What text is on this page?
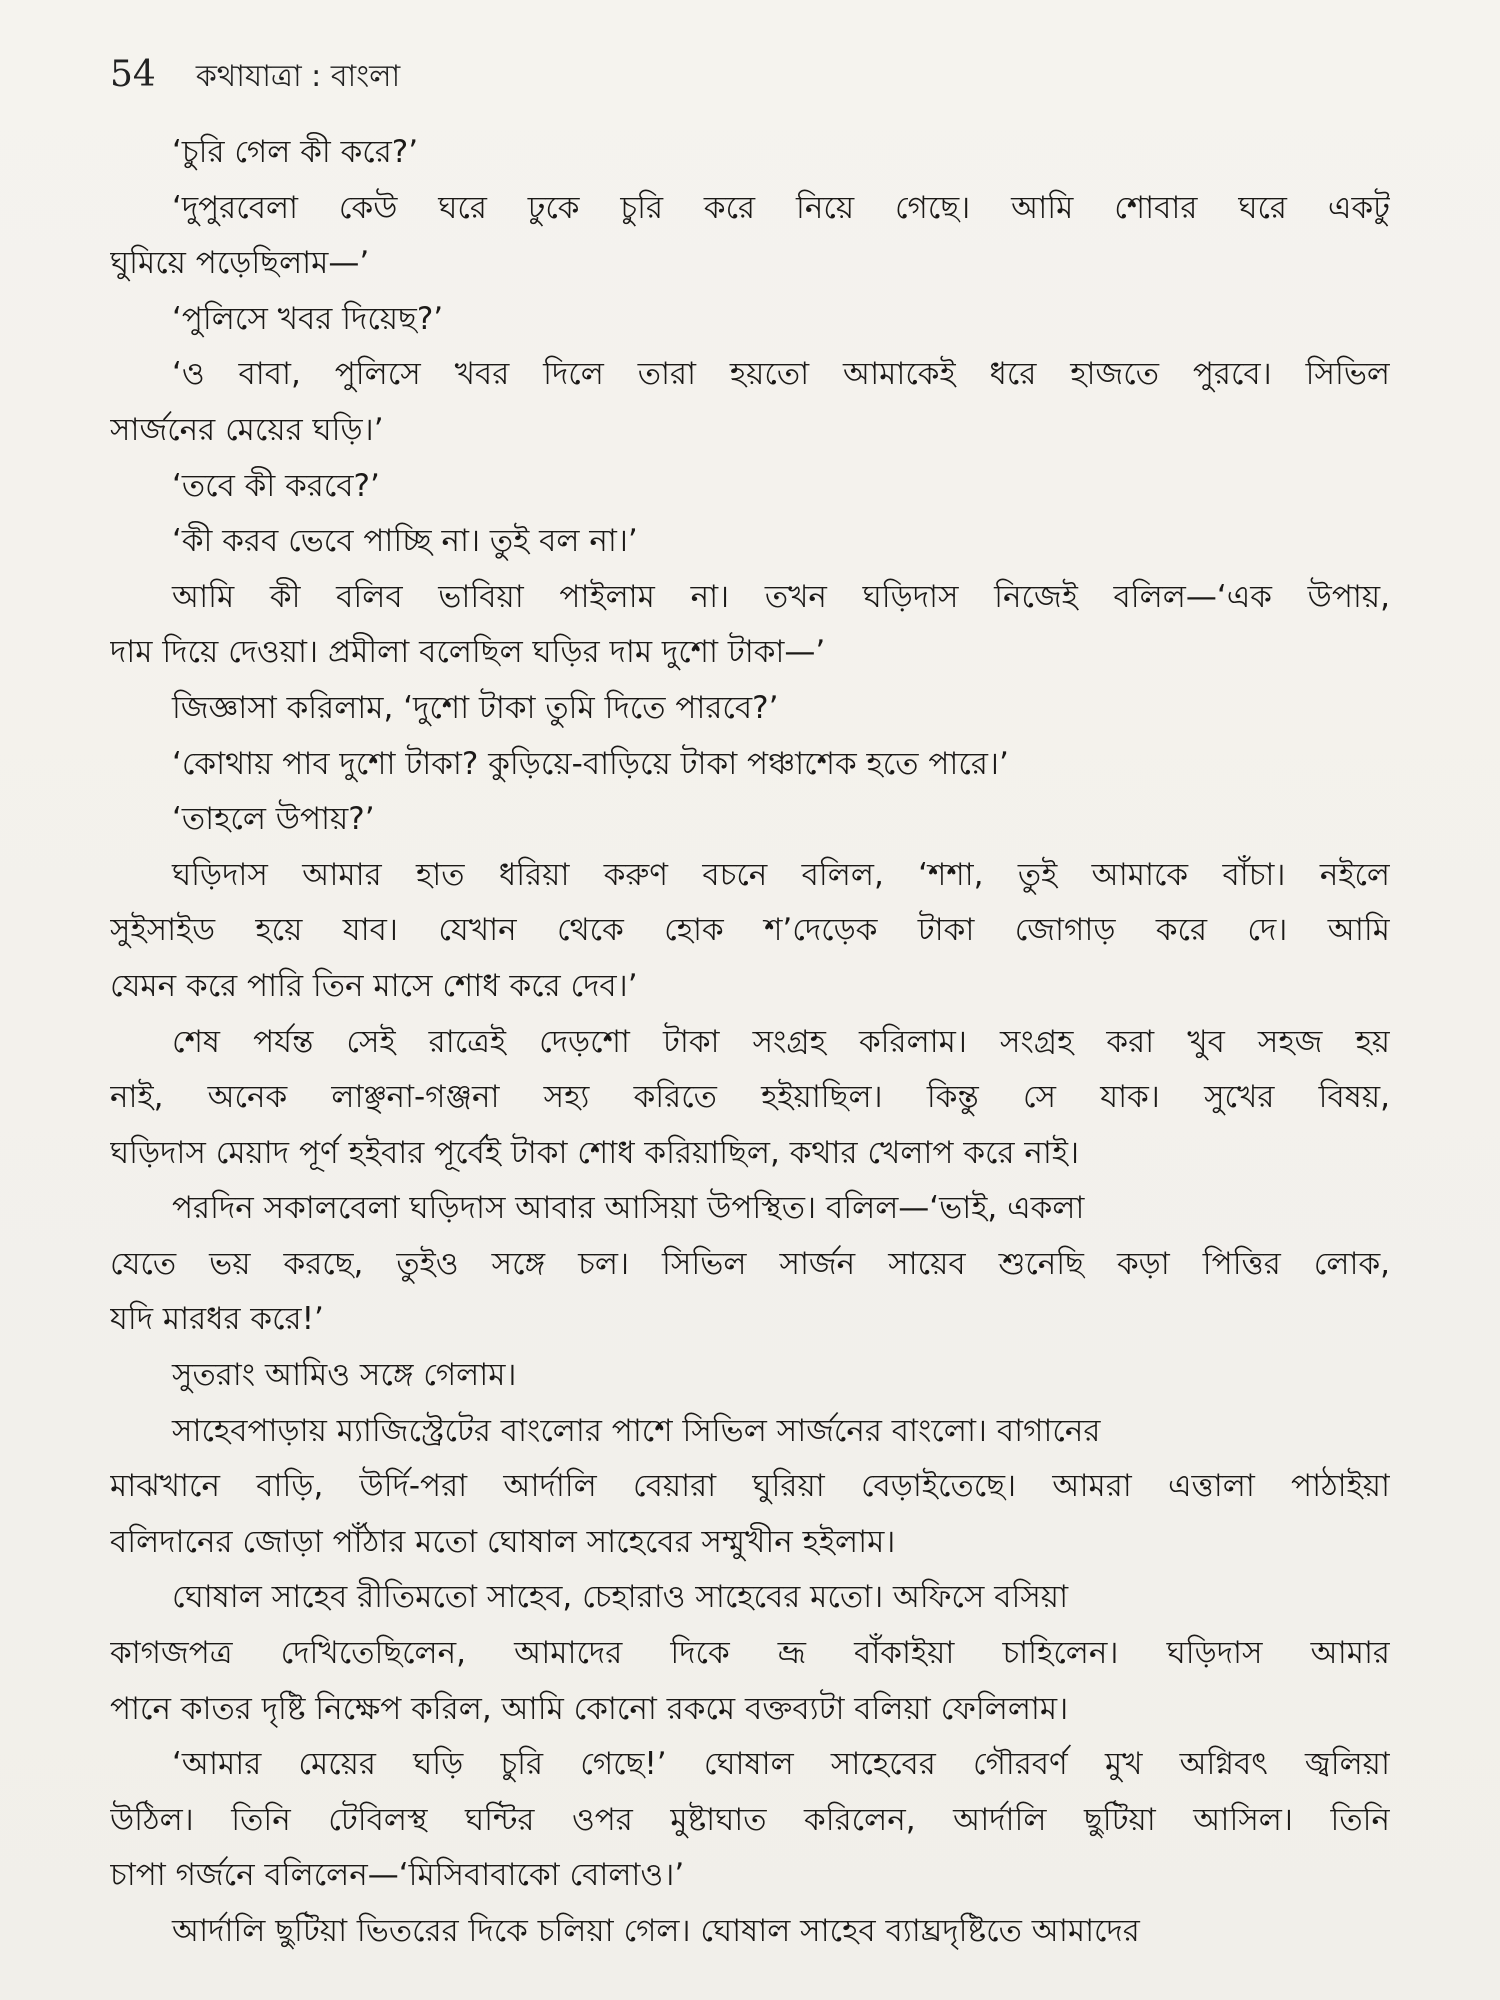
54 কথাযাত্রা : বাংলা
‘চুরি গেল কী করে?’
‘দুপুরবেলা কেউ ঘরে ঢুকে চুরি করে নিয়ে গেছে। আমি শোবার ঘরে একটু
ঘুমিয়ে পড়েছিলাম—’
‘পুলিসে খবর দিয়েছ?’
‘ও বাবা, পুলিসে খবর দিলে তারা হয়তো আমাকেই ধরে হাজতে পুরবে। সিভিল
সার্জনের মেয়ের ঘড়ি।’
‘তবে কী করবে?’
‘কী করব ভেবে পাচ্ছি না। তুই বল না।’
আমি কী বলিব ভাবিয়া পাইলাম না। তখন ঘড়িদাস নিজেই বলিল—‘এক উপায়,
দাম দিয়ে দেওয়া। প্রমীলা বলেছিল ঘড়ির দাম দুশো টাকা—’
জিজ্ঞাসা করিলাম, ‘দুশো টাকা তুমি দিতে পারবে?’
‘কোথায় পাব দুশো টাকা? কুড়িয়ে-বাড়িয়ে টাকা পঞ্চাশেক হতে পারে।’
‘তাহলে উপায়?’
ঘড়িদাস আমার হাত ধরিয়া করুণ বচনে বলিল, ‘শশা, তুই আমাকে বাঁচা। নইলে
সুইসাইড হয়ে যাব। যেখান থেকে হোক শ’দেড়েক টাকা জোগাড় করে দে। আমি
যেমন করে পারি তিন মাসে শোধ করে দেব।’
শেষ পর্যন্ত সেই রাত্রেই দেড়শো টাকা সংগ্রহ করিলাম। সংগ্রহ করা খুব সহজ হয়
নাই, অনেক লাঞ্ছনা-গঞ্জনা সহ্য করিতে হইয়াছিল। কিন্তু সে যাক। সুখের বিষয়,
ঘড়িদাস মেয়াদ পূর্ণ হইবার পূর্বেই টাকা শোধ করিয়াছিল, কথার খেলাপ করে নাই।
পরদিন সকালবেলা ঘড়িদাস আবার আসিয়া উপস্থিত। বলিল—‘ভাই, একলা
যেতে ভয় করছে, তুইও সঙ্গে চল। সিভিল সার্জন সায়েব শুনেছি কড়া পিত্তির লোক,
যদি মারধর করে!’
সুতরাং আমিও সঙ্গে গেলাম।
সাহেবপাড়ায় ম্যাজিস্ট্রেটের বাংলোর পাশে সিভিল সার্জনের বাংলো। বাগানের
মাঝখানে বাড়ি, উর্দি-পরা আর্দালি বেয়ারা ঘুরিয়া বেড়াইতেছে। আমরা এত্তালা পাঠাইয়া
বলিদানের জোড়া পাঁঠার মতো ঘোষাল সাহেবের সম্মুখীন হইলাম।
ঘোষাল সাহেব রীতিমতো সাহেব, চেহারাও সাহেবের মতো। অফিসে বসিয়া
কাগজপত্র দেখিতেছিলেন, আমাদের দিকে ভ্রূ বাঁকাইয়া চাহিলেন। ঘড়িদাস আমার
পানে কাতর দৃষ্টি নিক্ষেপ করিল, আমি কোনো রকমে বক্তব্যটা বলিয়া ফেলিলাম।
‘আমার মেয়ের ঘড়ি চুরি গেছে!’ ঘোষাল সাহেবের গৌরবর্ণ মুখ অগ্নিবৎ জ্বলিয়া
উঠিল। তিনি টেবিলস্থ ঘন্টির ওপর মুষ্টাঘাত করিলেন, আর্দালি ছুটিয়া আসিল। তিনি
চাপা গর্জনে বলিলেন—‘মিসিবাবাকো বোলাও।’
আর্দালি ছুটিয়া ভিতরের দিকে চলিয়া গেল। ঘোষাল সাহেব ব্যাঘ্রদৃষ্টিতে আমাদের
